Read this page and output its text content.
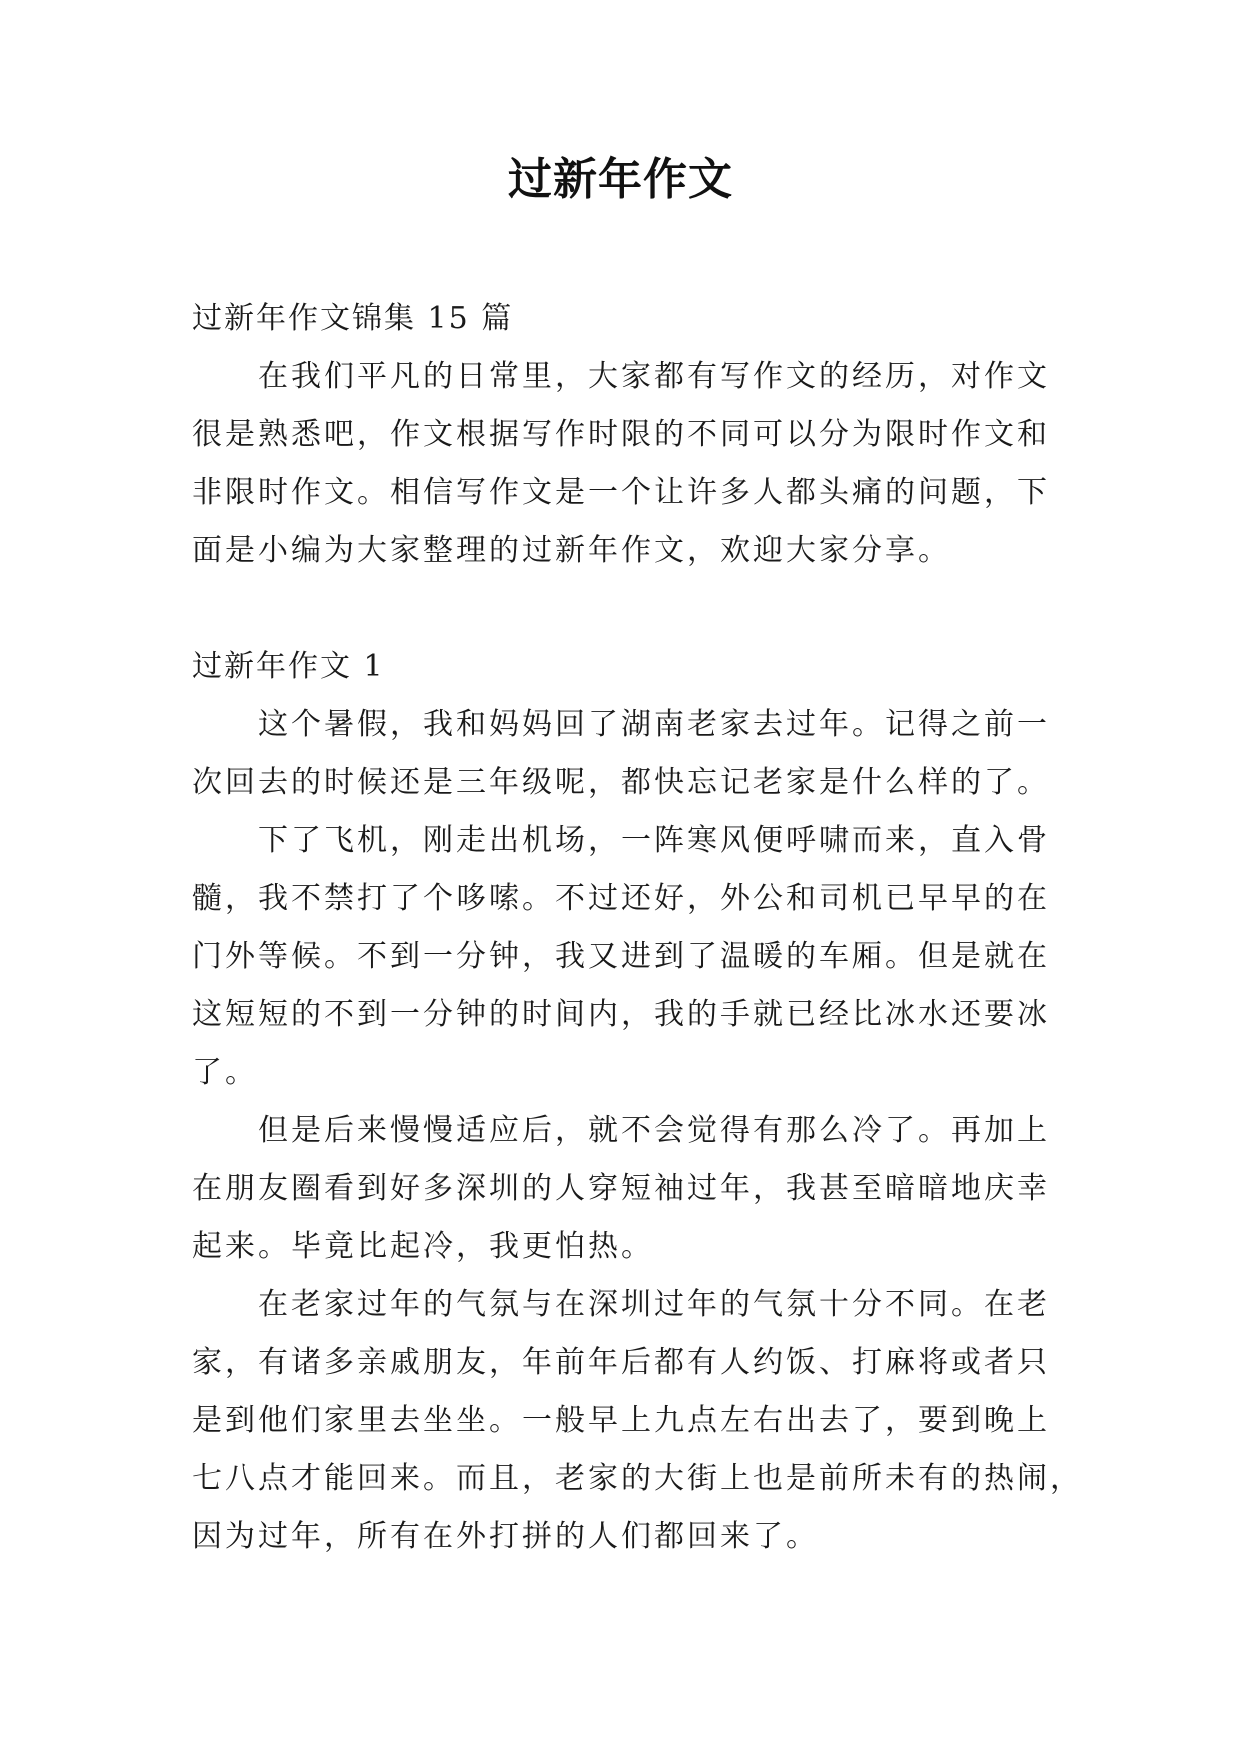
过新年作文
过新年作文锦集 15 篇
在我们平凡的日常里，大家都有写作文的经历，对作文
很是熟悉吧，作文根据写作时限的不同可以分为限时作文和
非限时作文。相信写作文是一个让许多人都头痛的问题，下
面是小编为大家整理的过新年作文，欢迎大家分享。
过新年作文 1
这个暑假，我和妈妈回了湖南老家去过年。记得之前一
次回去的时候还是三年级呢，都快忘记老家是什么样的了。
下了飞机，刚走出机场，一阵寒风便呼啸而来，直入骨
髓，我不禁打了个哆嗦。不过还好，外公和司机已早早的在
门外等候。不到一分钟，我又进到了温暖的车厢。但是就在
这短短的不到一分钟的时间内，我的手就已经比冰水还要冰
了。
但是后来慢慢适应后，就不会觉得有那么冷了。再加上
在朋友圈看到好多深圳的人穿短袖过年，我甚至暗暗地庆幸
起来。毕竟比起冷，我更怕热。
在老家过年的气氛与在深圳过年的气氛十分不同。在老
家，有诸多亲戚朋友，年前年后都有人约饭、打麻将或者只
是到他们家里去坐坐。一般早上九点左右出去了，要到晚上
七八点才能回来。而且，老家的大街上也是前所未有的热闹，
因为过年，所有在外打拼的人们都回来了。
